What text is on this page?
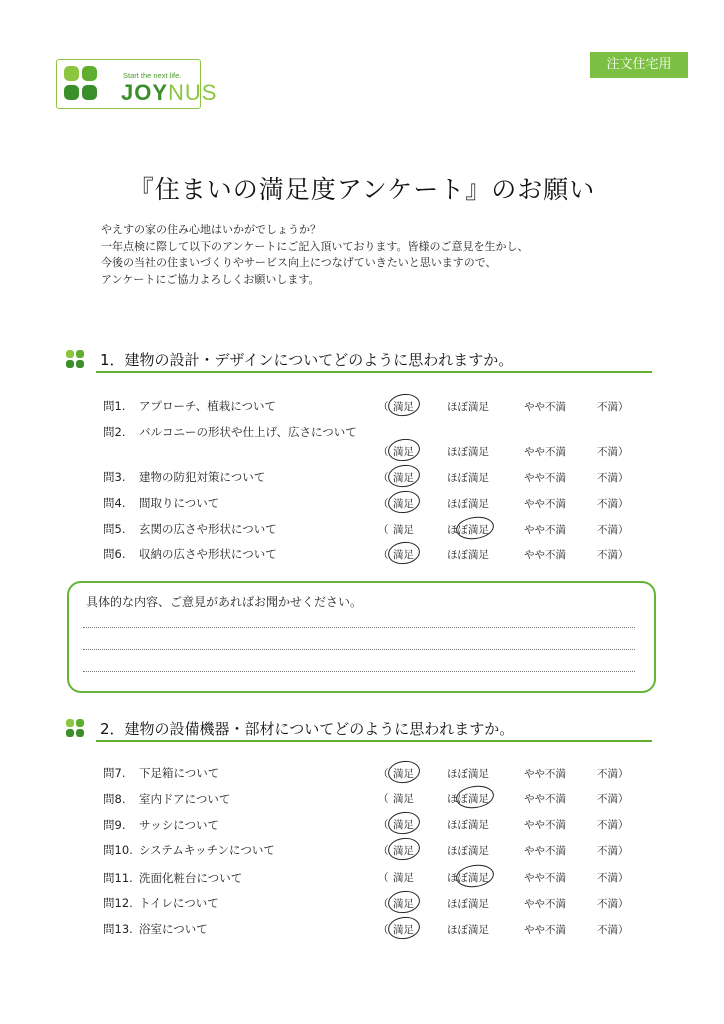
Start the next life.
JOYNUS
注文住宅用
『住まいの満足度アンケート』のお願い
やえすの家の住み心地はいかがでしょうか？
一年点検に際して以下のアンケートにご記入頂いております。皆様のご意見を生かし、
今後の当社の住まいづくりやサービス向上につなげていきたいと思いますので、
アンケートにご協力よろしくお願いします。
1．建物の設計・デザインについてどのように思われますか。
問1. アプローチ、植栽について	（ 満足	ほぼ満足	やや不満	不満 ）
問2. バルコニーの形状や仕上げ、広さについて
（ 満足	ほぼ満足	やや不満	不満 ）
問3. 建物の防犯対策について	（ 満足	ほぼ満足	やや不満	不満 ）
問4. 間取りについて	（ 満足	ほぼ満足	やや不満	不満 ）
問5. 玄関の広さや形状について	（ 満足	ほぼ満足	やや不満	不満 ）
問6. 収納の広さや形状について	（ 満足	ほぼ満足	やや不満	不満 ）
具体的な内容、ご意見があればお聞かせください。
2．建物の設備機器・部材についてどのように思われますか。
問7. 下足箱について	（ 満足	ほぼ満足	やや不満	不満 ）
問8. 室内ドアについて	（ 満足	ほぼ満足	やや不満	不満 ）
問9. サッシについて	（ 満足	ほぼ満足	やや不満	不満 ）
問10. システムキッチンについて	（ 満足	ほぼ満足	やや不満	不満 ）
問11. 洗面化粧台について	（ 満足	ほぼ満足	やや不満	不満 ）
問12. トイレについて	（ 満足	ほぼ満足	やや不満	不満 ）
問13. 浴室について	（ 満足	ほぼ満足	やや不満	不満 ）
